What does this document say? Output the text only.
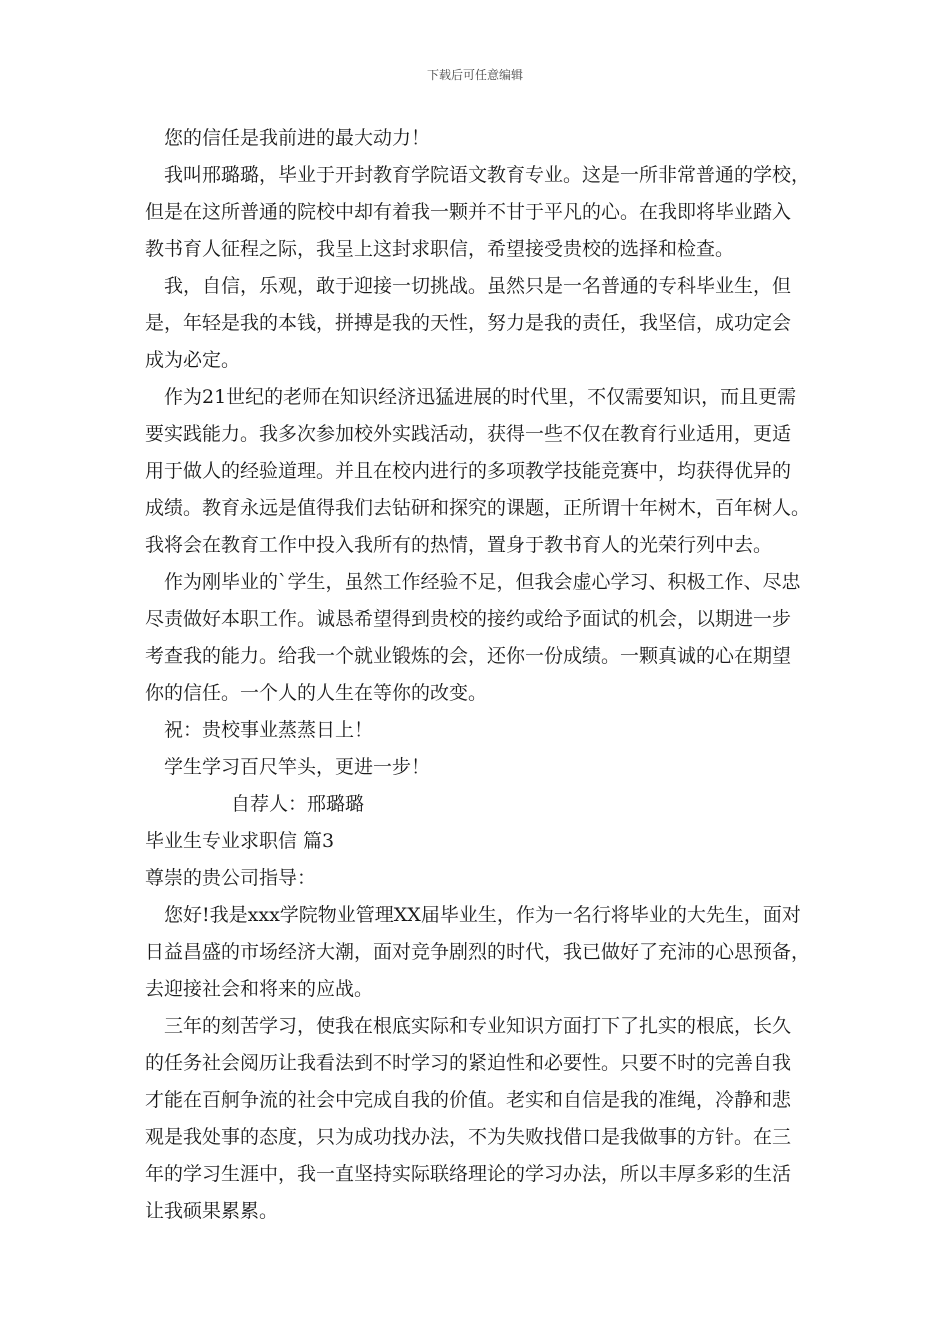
下载后可任意编辑
您的信任是我前进的最大动力！
我叫邢璐璐，毕业于开封教育学院语文教育专业。这是一所非常普通的学校，
但是在这所普通的院校中却有着我一颗并不甘于平凡的心。在我即将毕业踏入
教书育人征程之际，我呈上这封求职信，希望接受贵校的选择和检查。
我，自信，乐观，敢于迎接一切挑战。虽然只是一名普通的专科毕业生，但
是，年轻是我的本钱，拼搏是我的天性，努力是我的责任，我坚信，成功定会
成为必定。
作为21世纪的老师在知识经济迅猛进展的时代里，不仅需要知识，而且更需
要实践能力。我多次参加校外实践活动，获得一些不仅在教育行业适用，更适
用于做人的经验道理。并且在校内进行的多项教学技能竞赛中，均获得优异的
成绩。教育永远是值得我们去钻研和探究的课题，正所谓十年树木，百年树人。
我将会在教育工作中投入我所有的热情，置身于教书育人的光荣行列中去。
作为刚毕业的`学生，虽然工作经验不足，但我会虚心学习、积极工作、尽忠
尽责做好本职工作。诚恳希望得到贵校的接约或给予面试的机会，以期进一步
考查我的能力。给我一个就业锻炼的会，还你一份成绩。一颗真诚的心在期望
你的信任。一个人的人生在等你的改变。
祝：贵校事业蒸蒸日上！
学生学习百尺竿头，更进一步！
自荐人：邢璐璐
毕业生专业求职信 篇3
尊崇的贵公司指导：
您好!我是xxx学院物业管理XX届毕业生，作为一名行将毕业的大先生，面对
日益昌盛的市场经济大潮，面对竞争剧烈的时代，我已做好了充沛的心思预备，
去迎接社会和将来的应战。
三年的刻苦学习，使我在根底实际和专业知识方面打下了扎实的根底，长久
的任务社会阅历让我看法到不时学习的紧迫性和必要性。只要不时的完善自我
才能在百舸争流的社会中完成自我的价值。老实和自信是我的准绳，冷静和悲
观是我处事的态度，只为成功找办法，不为失败找借口是我做事的方针。在三
年的学习生涯中，我一直坚持实际联络理论的学习办法，所以丰厚多彩的生活
让我硕果累累。
